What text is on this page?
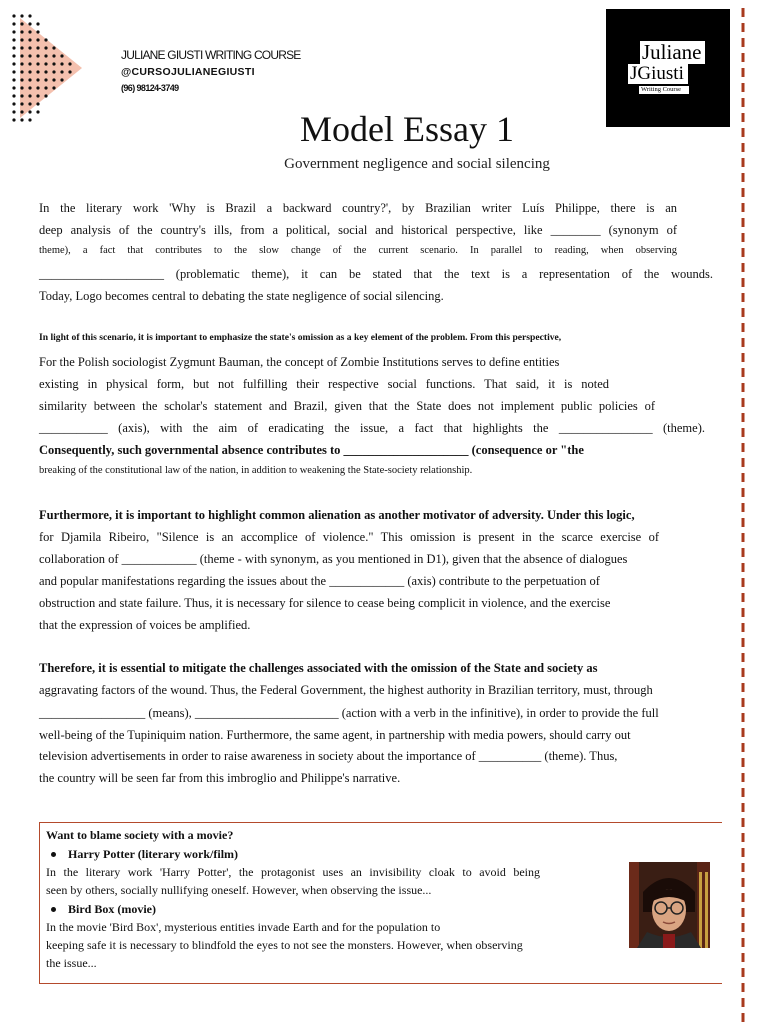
JULIANE GIUSTI WRITING COURSE
@CURSOJULIANEGIUSTI
(96) 98124-3749
Juliane
JGiusti
Writing Course
Model Essay 1
Government negligence and social silencing
In the literary work 'Why is Brazil a backward country?', by Brazilian writer Luís Philippe, there is an
deep analysis of the country's ills, from a political, social and historical perspective, like ________ (synonym of
theme), a fact that contributes to the slow change of the current scenario. In parallel to reading, when observing
____________________ (problematic theme), it can be stated that the text is a representation of the wounds.
Today, Logo becomes central to debating the state negligence of social silencing.
In light of this scenario, it is important to emphasize the state's omission as a key element of the problem. From this perspective,
For the Polish sociologist Zygmunt Bauman, the concept of Zombie Institutions serves to define entities
existing in physical form, but not fulfilling their respective social functions. That said, it is noted
similarity between the scholar's statement and Brazil, given that the State does not implement public policies of
___________ (axis), with the aim of eradicating the issue, a fact that highlights the _______________ (theme).
Consequently, such governmental absence contributes to ____________________ (consequence or "the
breaking of the constitutional law of the nation, in addition to weakening the State-society relationship.
Furthermore, it is important to highlight common alienation as another motivator of adversity. Under this logic,
for Djamila Ribeiro, "Silence is an accomplice of violence." This omission is present in the scarce exercise of
collaboration of ____________ (theme - with synonym, as you mentioned in D1), given that the absence of dialogues
and popular manifestations regarding the issues about the ____________ (axis) contribute to the perpetuation of
obstruction and state failure. Thus, it is necessary for silence to cease being complicit in violence, and the exercise
that the expression of voices be amplified.
Therefore, it is essential to mitigate the challenges associated with the omission of the State and society as
aggravating factors of the wound. Thus, the Federal Government, the highest authority in Brazilian territory, must, through
_________________ (means), _______________________ (action with a verb in the infinitive), in order to provide the full
well-being of the Tupiniquim nation. Furthermore, the same agent, in partnership with media powers, should carry out
television advertisements in order to raise awareness in society about the importance of __________ (theme). Thus,
the country will be seen far from this imbroglio and Philippe's narrative.
Want to blame society with a movie?
Harry Potter (literary work/film)
In the literary work 'Harry Potter', the protagonist uses an invisibility cloak to avoid being
seen by others, socially nullifying oneself. However, when observing the issue...
Bird Box (movie)
In the movie 'Bird Box', mysterious entities invade Earth and for the population to
keeping safe it is necessary to blindfold the eyes to not see the monsters. However, when observing
the issue...
